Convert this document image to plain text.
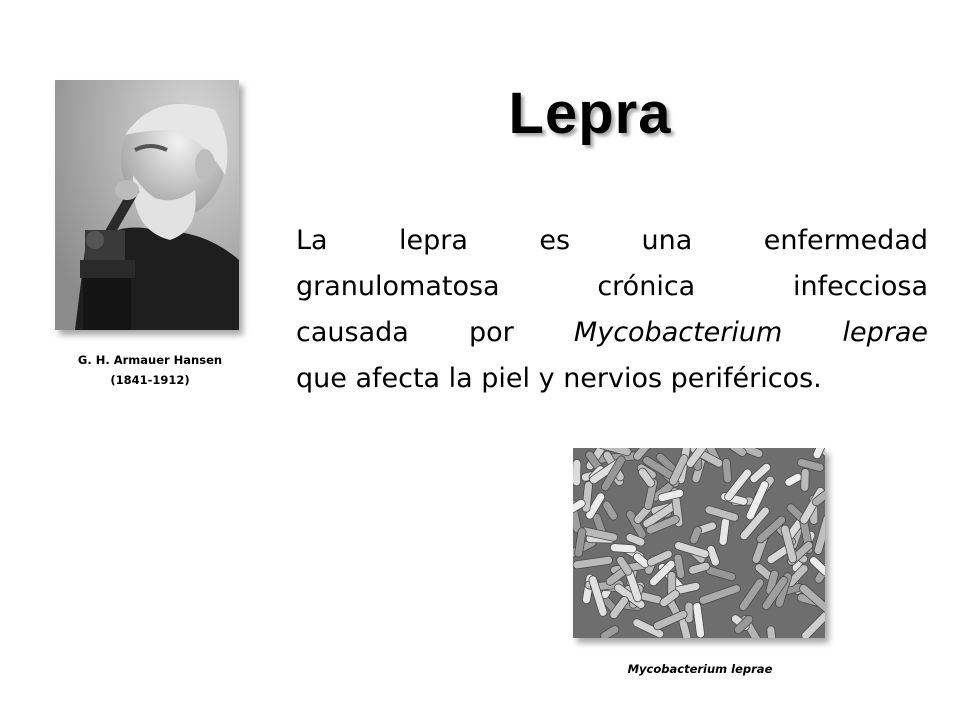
Lepra
G. H. Armauer Hansen
(1841-1912)
La lepra es una enfermedad
granulomatosa crónica infecciosa
causada por Mycobacterium leprae
que afecta la piel y nervios periféricos.
Mycobacterium leprae
